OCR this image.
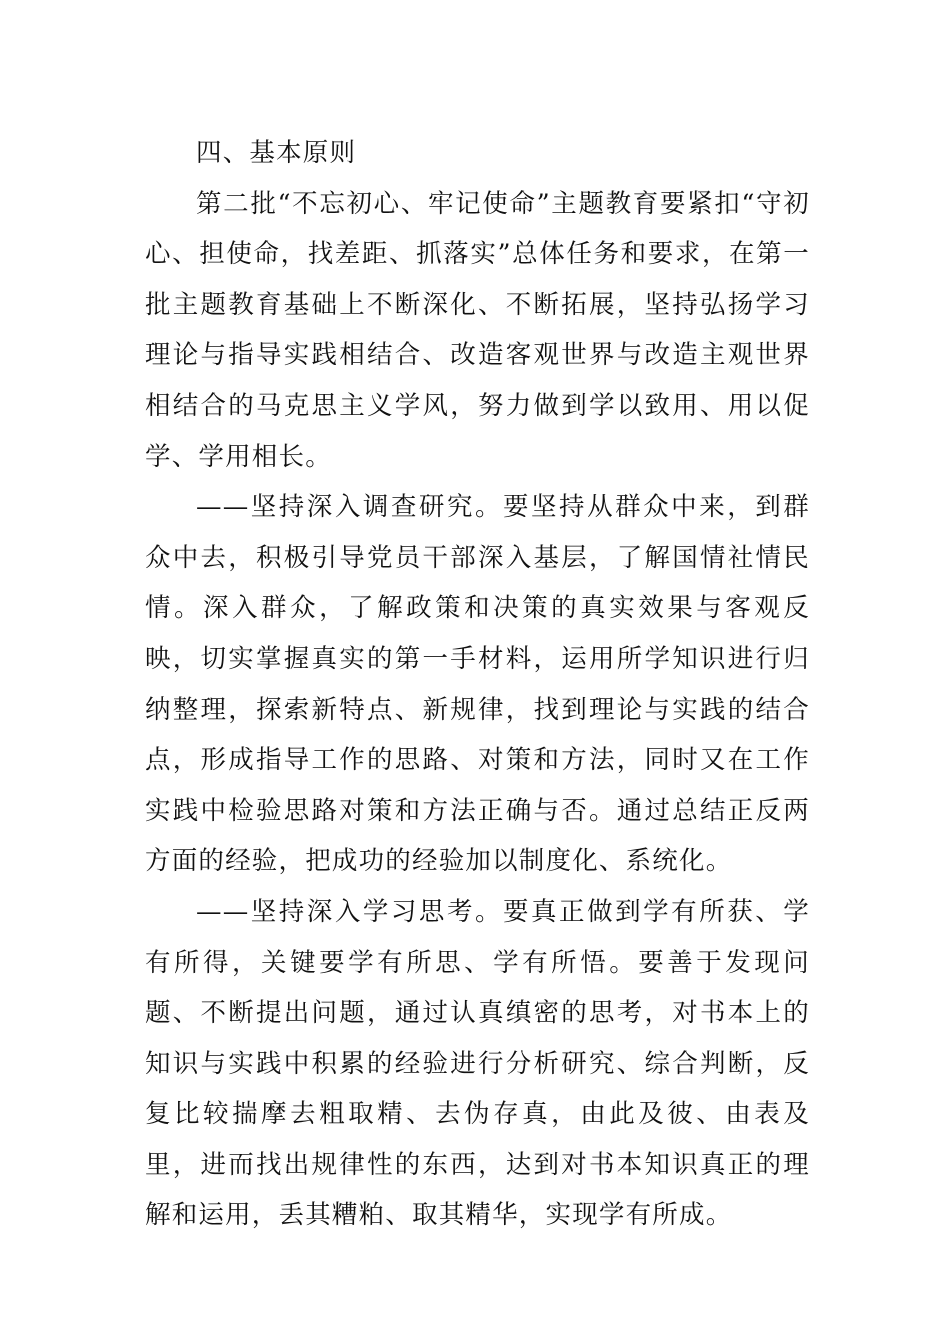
四、基本原则

第二批“不忘初心、牢记使命”主题教育要紧扣“守初心、担使命，找差距、抓落实”总体任务和要求，在第一批主题教育基础上不断深化、不断拓展，坚持弘扬学习理论与指导实践相结合、改造客观世界与改造主观世界相结合的马克思主义学风，努力做到学以致用、用以促学、学用相长。

——坚持深入调查研究。要坚持从群众中来，到群众中去，积极引导党员干部深入基层，了解国情社情民情。深入群众，了解政策和决策的真实效果与客观反映，切实掌握真实的第一手材料，运用所学知识进行归纳整理，探索新特点、新规律，找到理论与实践的结合点，形成指导工作的思路、对策和方法，同时又在工作实践中检验思路对策和方法正确与否。通过总结正反两方面的经验，把成功的经验加以制度化、系统化。

——坚持深入学习思考。要真正做到学有所获、学有所得，关键要学有所思、学有所悟。要善于发现问题、不断提出问题，通过认真缜密的思考，对书本上的知识与实践中积累的经验进行分析研究、综合判断，反复比较揣摩去粗取精、去伪存真，由此及彼、由表及里，进而找出规律性的东西，达到对书本知识真正的理解和运用，丢其糟粕、取其精华，实现学有所成。
